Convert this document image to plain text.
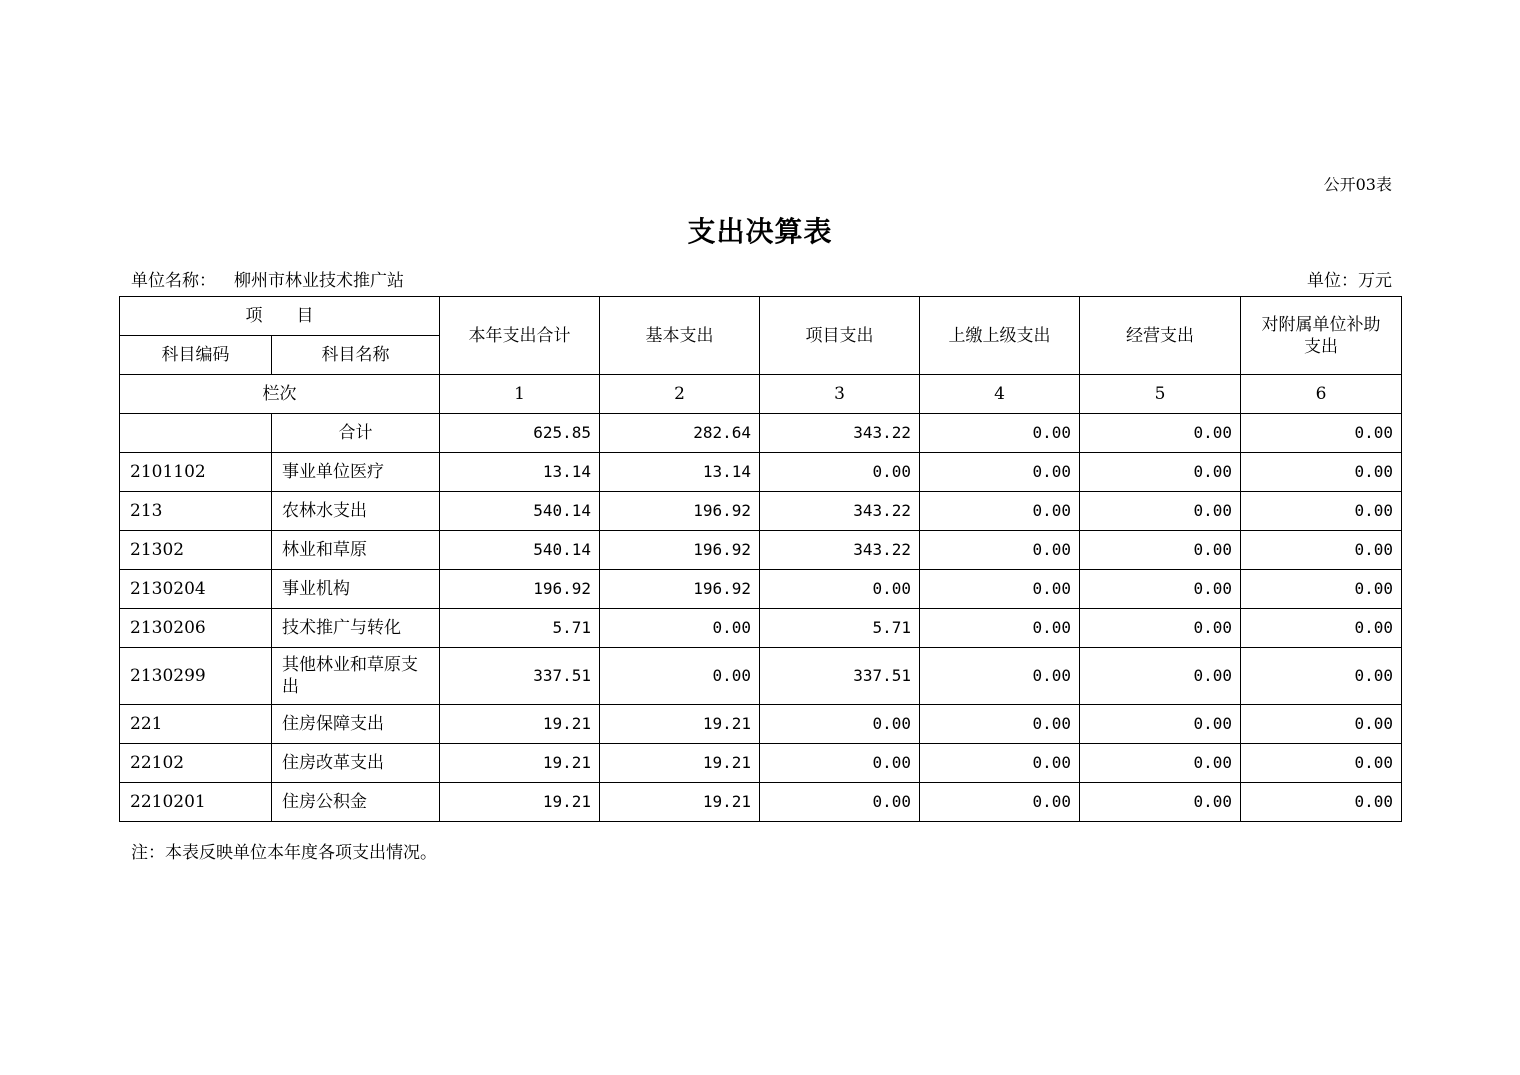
公开03表
支出决算表
单位名称： 柳州市林业技术推广站	单位：万元
项　　目		本年支出合计	基本支出	项目支出	上缴上级支出	经营支出	对附属单位补助支出
科目编码	科目名称						
栏次		1	2	3	4	5	6
	合计	625.85	282.64	343.22	0.00	0.00	0.00
2101102	事业单位医疗	13.14	13.14	0.00	0.00	0.00	0.00
213	农林水支出	540.14	196.92	343.22	0.00	0.00	0.00
21302	林业和草原	540.14	196.92	343.22	0.00	0.00	0.00
2130204	事业机构	196.92	196.92	0.00	0.00	0.00	0.00
2130206	技术推广与转化	5.71	0.00	5.71	0.00	0.00	0.00
2130299	其他林业和草原支出	337.51	0.00	337.51	0.00	0.00	0.00
221	住房保障支出	19.21	19.21	0.00	0.00	0.00	0.00
22102	住房改革支出	19.21	19.21	0.00	0.00	0.00	0.00
2210201	住房公积金	19.21	19.21	0.00	0.00	0.00	0.00
注：本表反映单位本年度各项支出情况。
